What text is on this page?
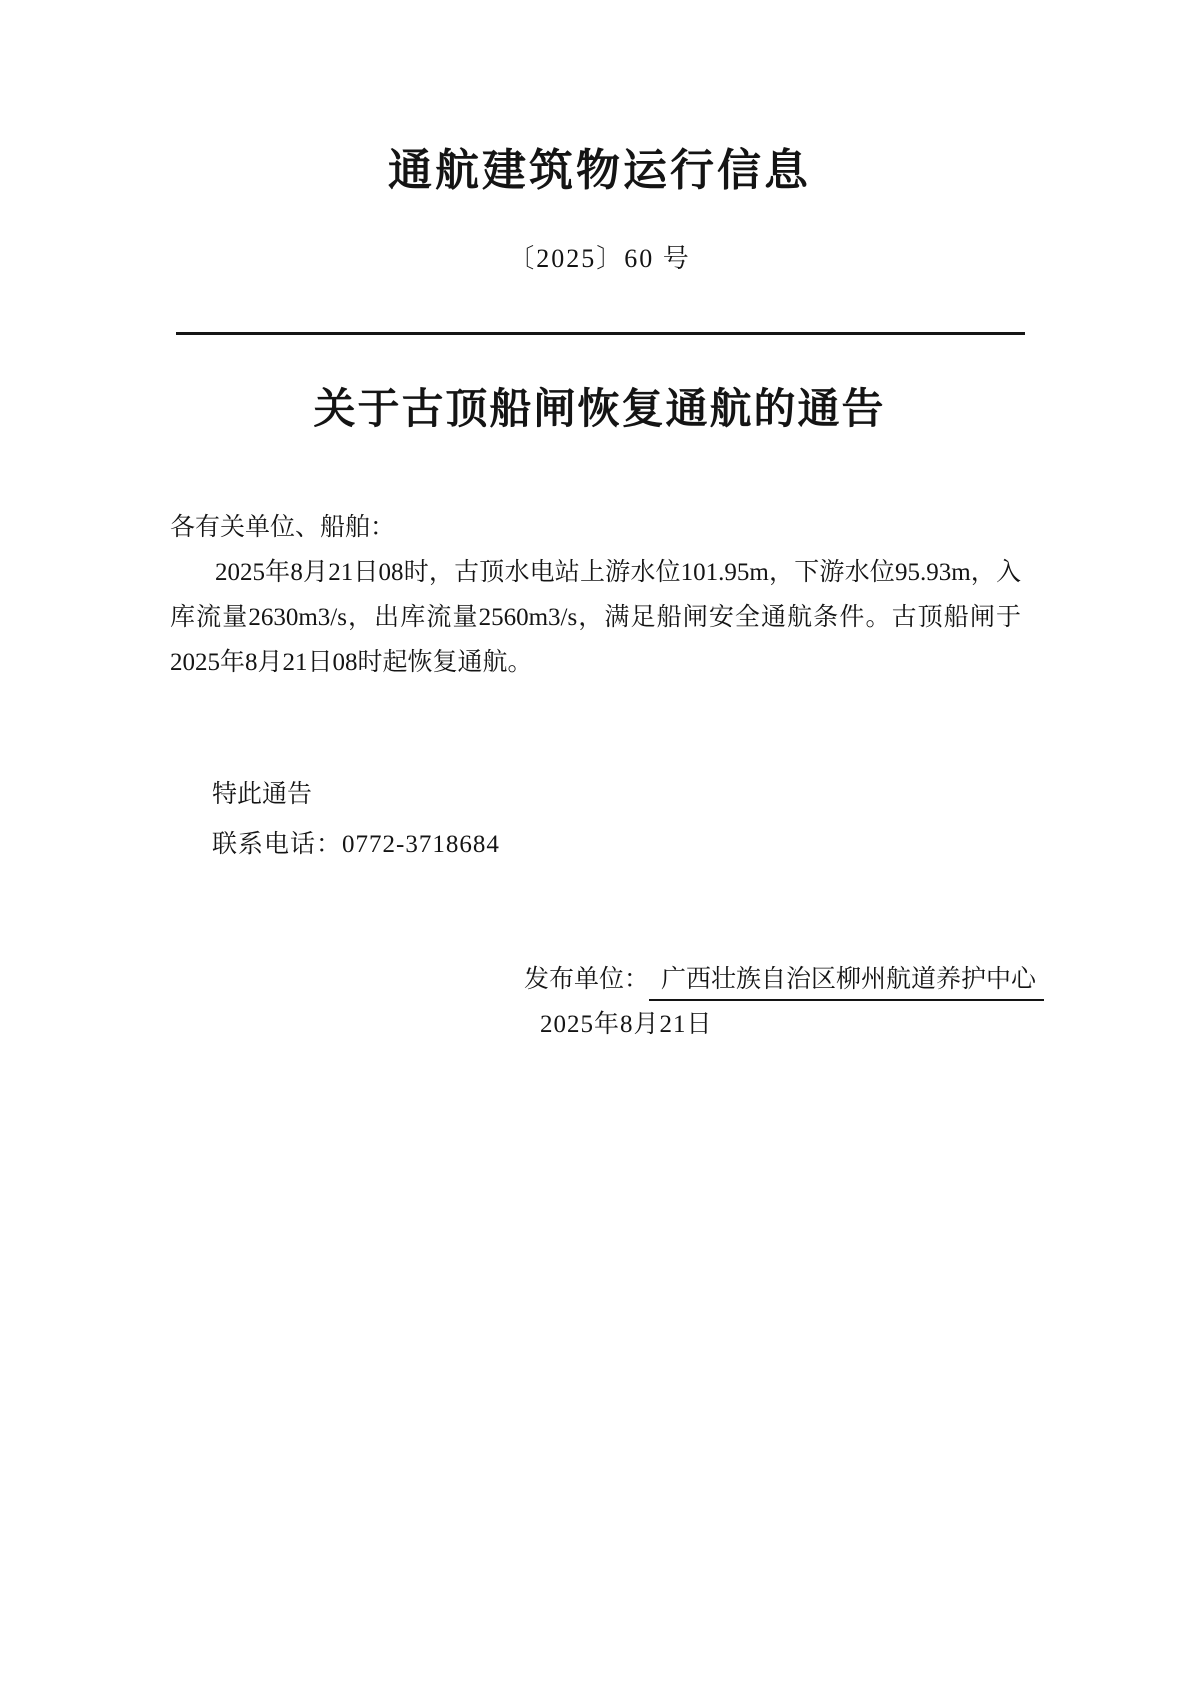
通航建筑物运行信息
〔2025〕60 号
关于古顶船闸恢复通航的通告
各有关单位、船舶：
2025年8月21日08时，古顶水电站上游水位101.95m，下游水位95.93m，入库流量2630m3/s，出库流量2560m3/s，满足船闸安全通航条件。古顶船闸于2025年8月21日08时起恢复通航。
特此通告
联系电话：0772-3718684
发布单位： 广西壮族自治区柳州航道养护中心
2025年8月21日
